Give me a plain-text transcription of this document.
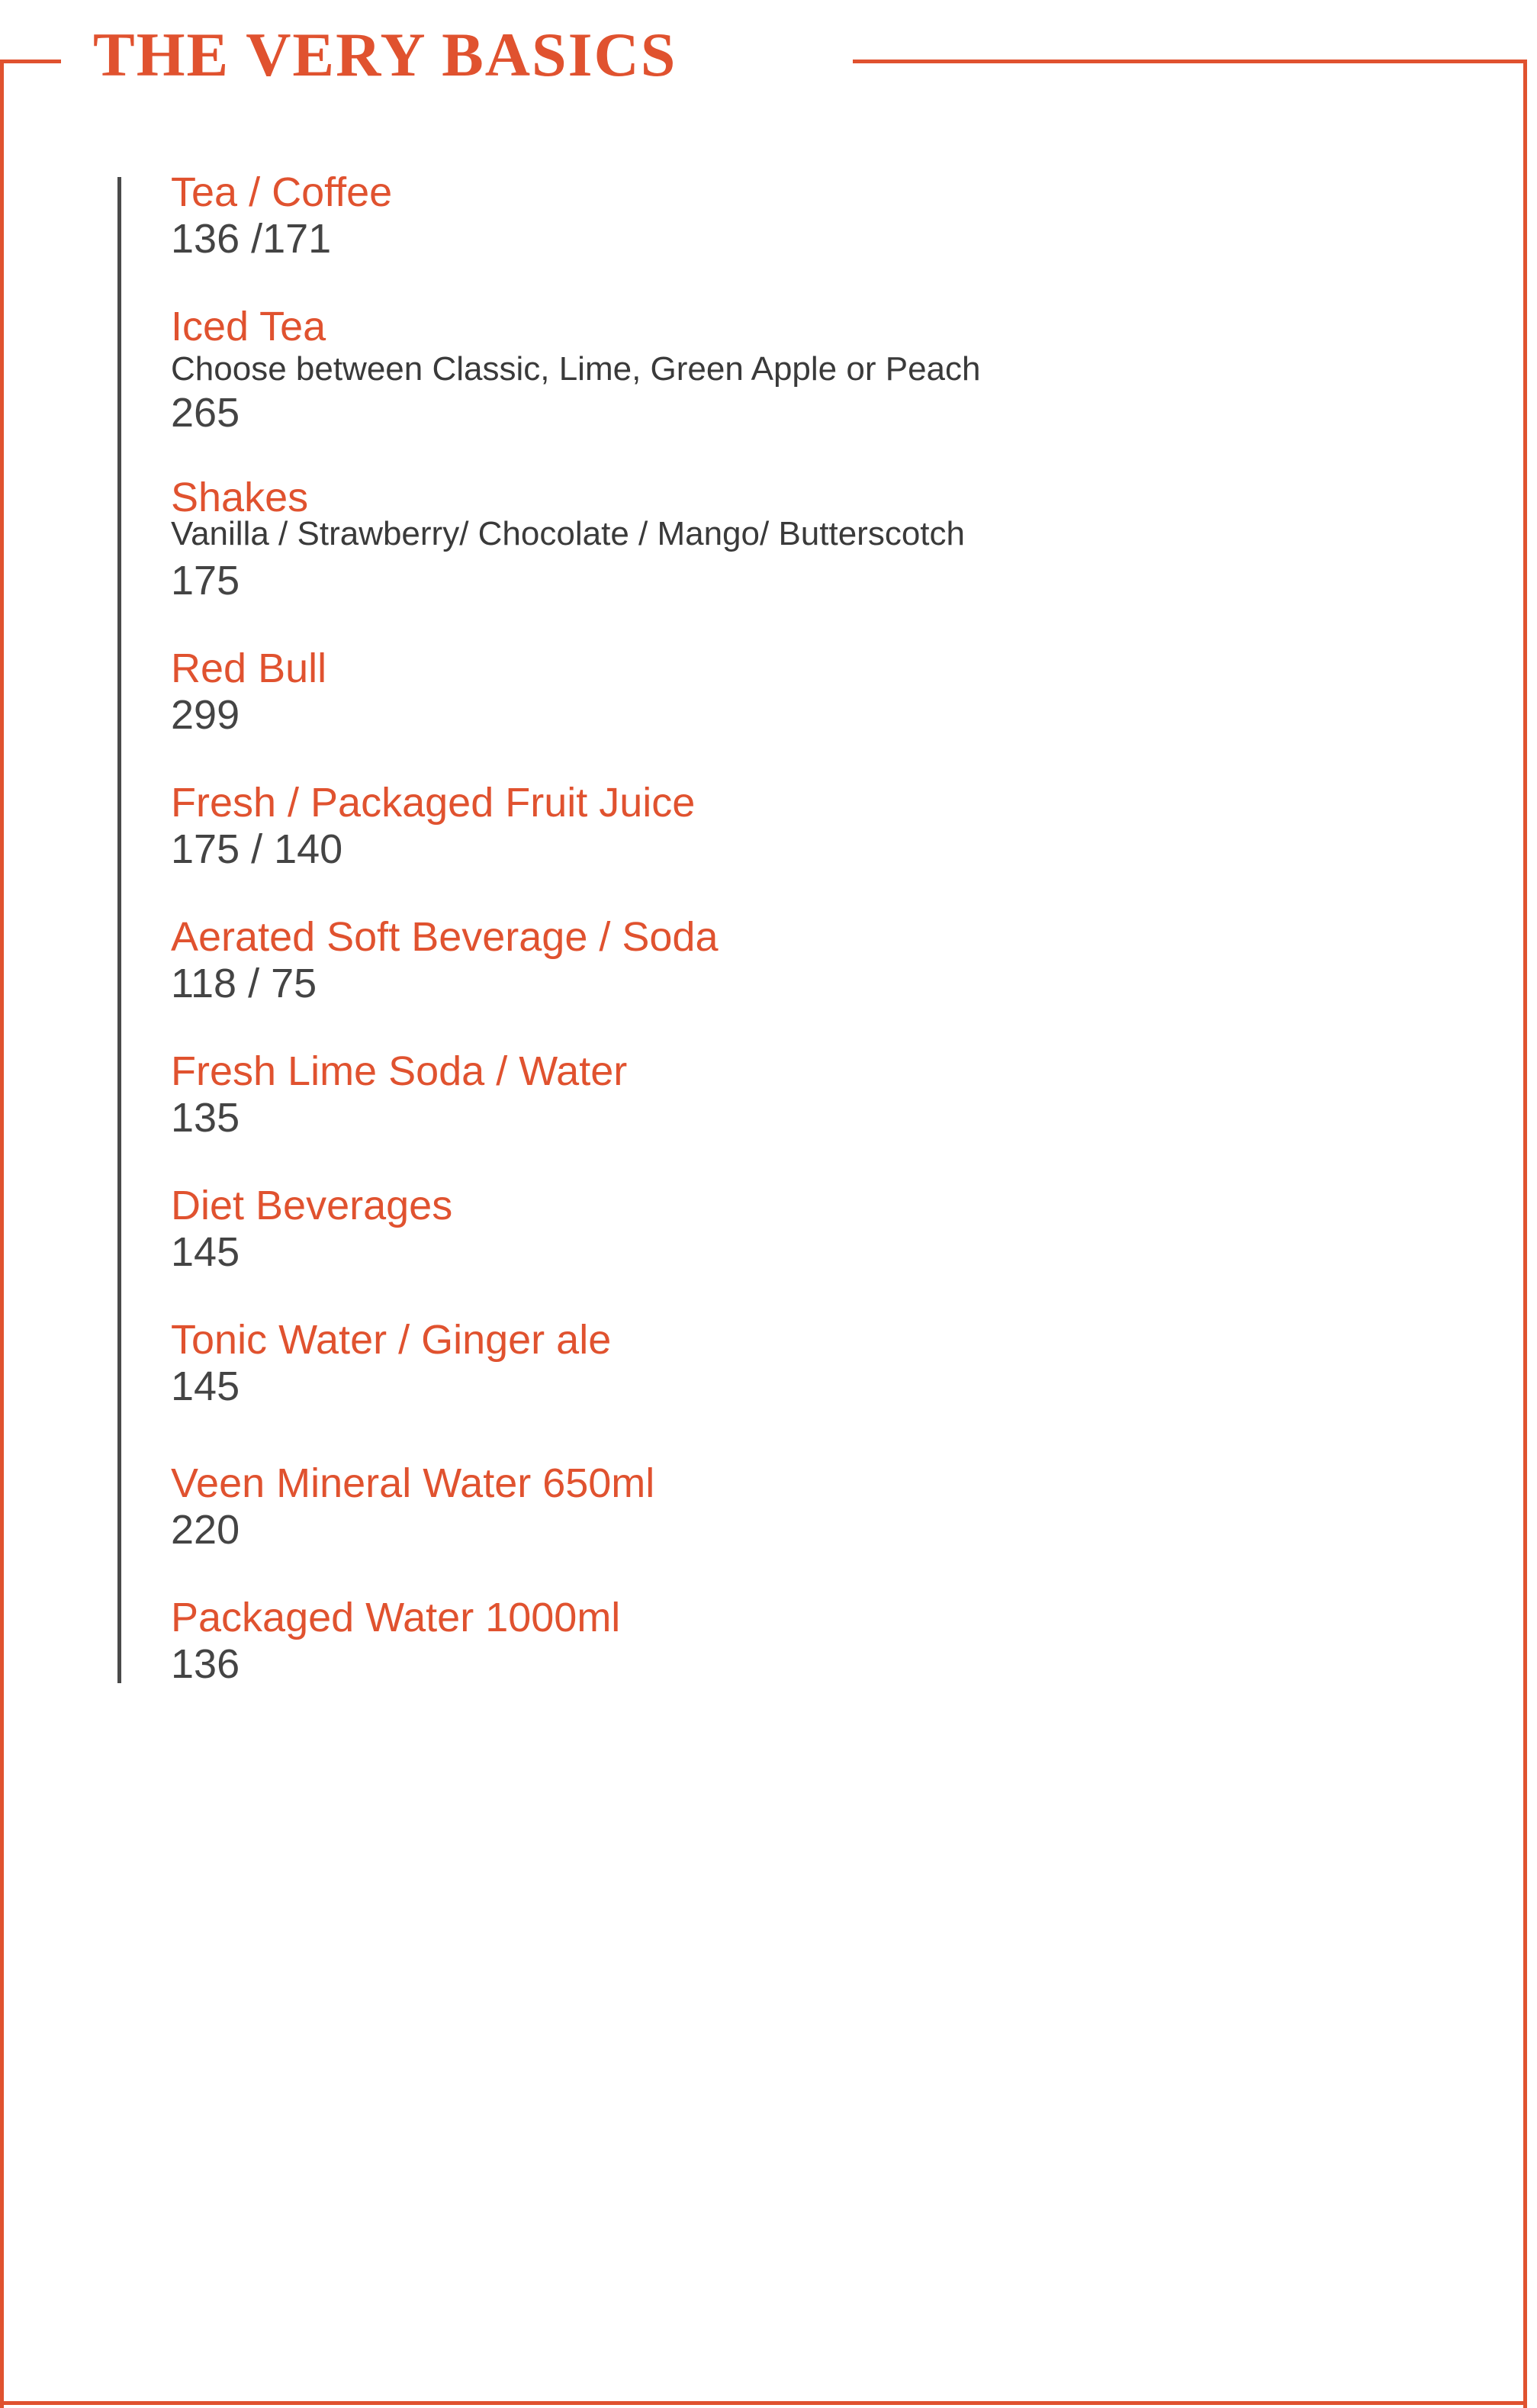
THE VERY BASICS
Tea / Coffee
136 /171
Iced Tea
Choose between Classic, Lime, Green Apple or Peach
265
Shakes
Vanilla / Strawberry/ Chocolate / Mango/ Butterscotch
175
Red Bull
299
Fresh / Packaged Fruit Juice
175 / 140
Aerated Soft Beverage / Soda
118 / 75
Fresh Lime Soda / Water
135
Diet Beverages
145
Tonic Water / Ginger ale
145
Veen Mineral Water 650ml
220
Packaged Water 1000ml
136
